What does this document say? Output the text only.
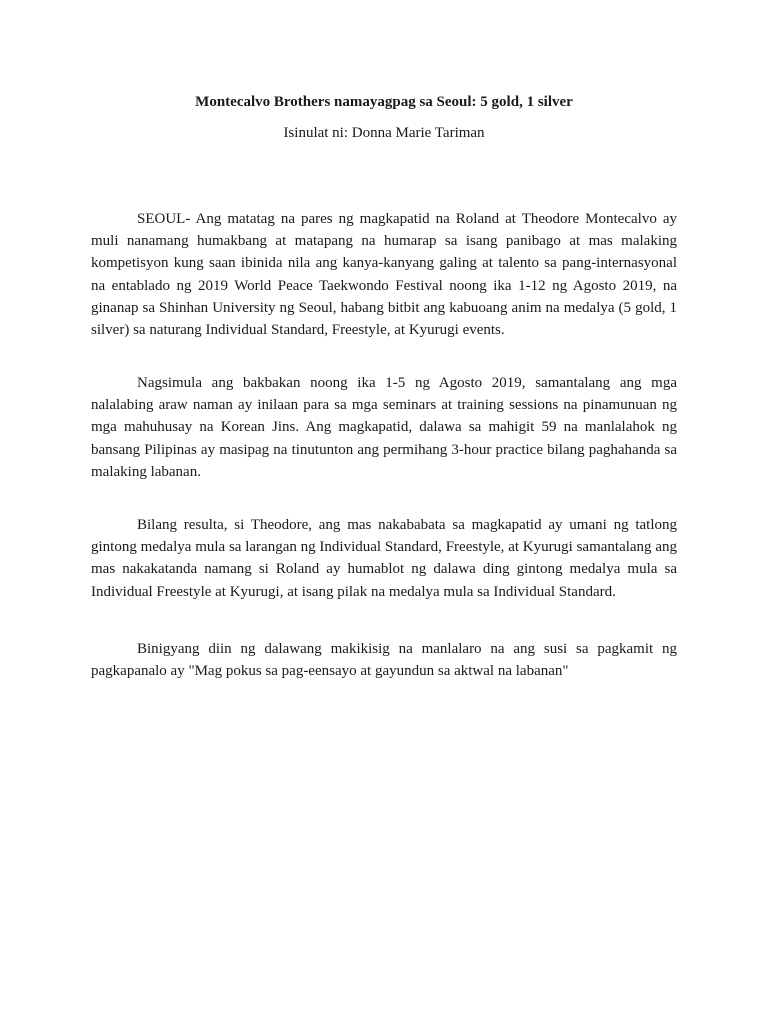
Montecalvo Brothers namayagpag sa Seoul: 5 gold, 1 silver

Isinulat ni: Donna Marie Tariman

SEOUL- Ang matatag na pares ng magkapatid na Roland at Theodore Montecalvo ay muli nanamang humakbang at matapang na humarap sa isang panibago at mas malaking kompetisyon kung saan ibinida nila ang kanya-kanyang galing at talento sa pang-internasyonal na entablado ng 2019 World Peace Taekwondo Festival noong ika 1-12 ng Agosto 2019, na ginanap sa Shinhan University ng Seoul, habang bitbit ang kabuoang anim na medalya (5 gold, 1 silver) sa naturang Individual Standard, Freestyle, at Kyurugi events.

Nagsimula ang bakbakan noong ika 1-5 ng Agosto 2019, samantalang ang mga nalalabing araw naman ay inilaan para sa mga seminars at training sessions na pinamunuan ng mga mahuhusay na Korean Jins. Ang magkapatid, dalawa sa mahigit 59 na manlalahok ng bansang Pilipinas ay masipag na tinutunton ang permihang 3-hour practice bilang paghahanda sa malaking labanan.

Bilang resulta, si Theodore, ang mas nakababata sa magkapatid ay umani ng tatlong gintong medalya mula sa larangan ng Individual Standard, Freestyle, at Kyurugi samantalang ang mas nakakatanda namang si Roland ay humablot ng dalawa ding gintong medalya mula sa Individual Freestyle at Kyurugi, at isang pilak na medalya mula sa Individual Standard.

Binigyang diin ng dalawang makikisig na manlalaro na ang susi sa pagkamit ng pagkapanalo ay "Mag pokus sa pag-eensayo at gayundun sa aktwal na labanan"
